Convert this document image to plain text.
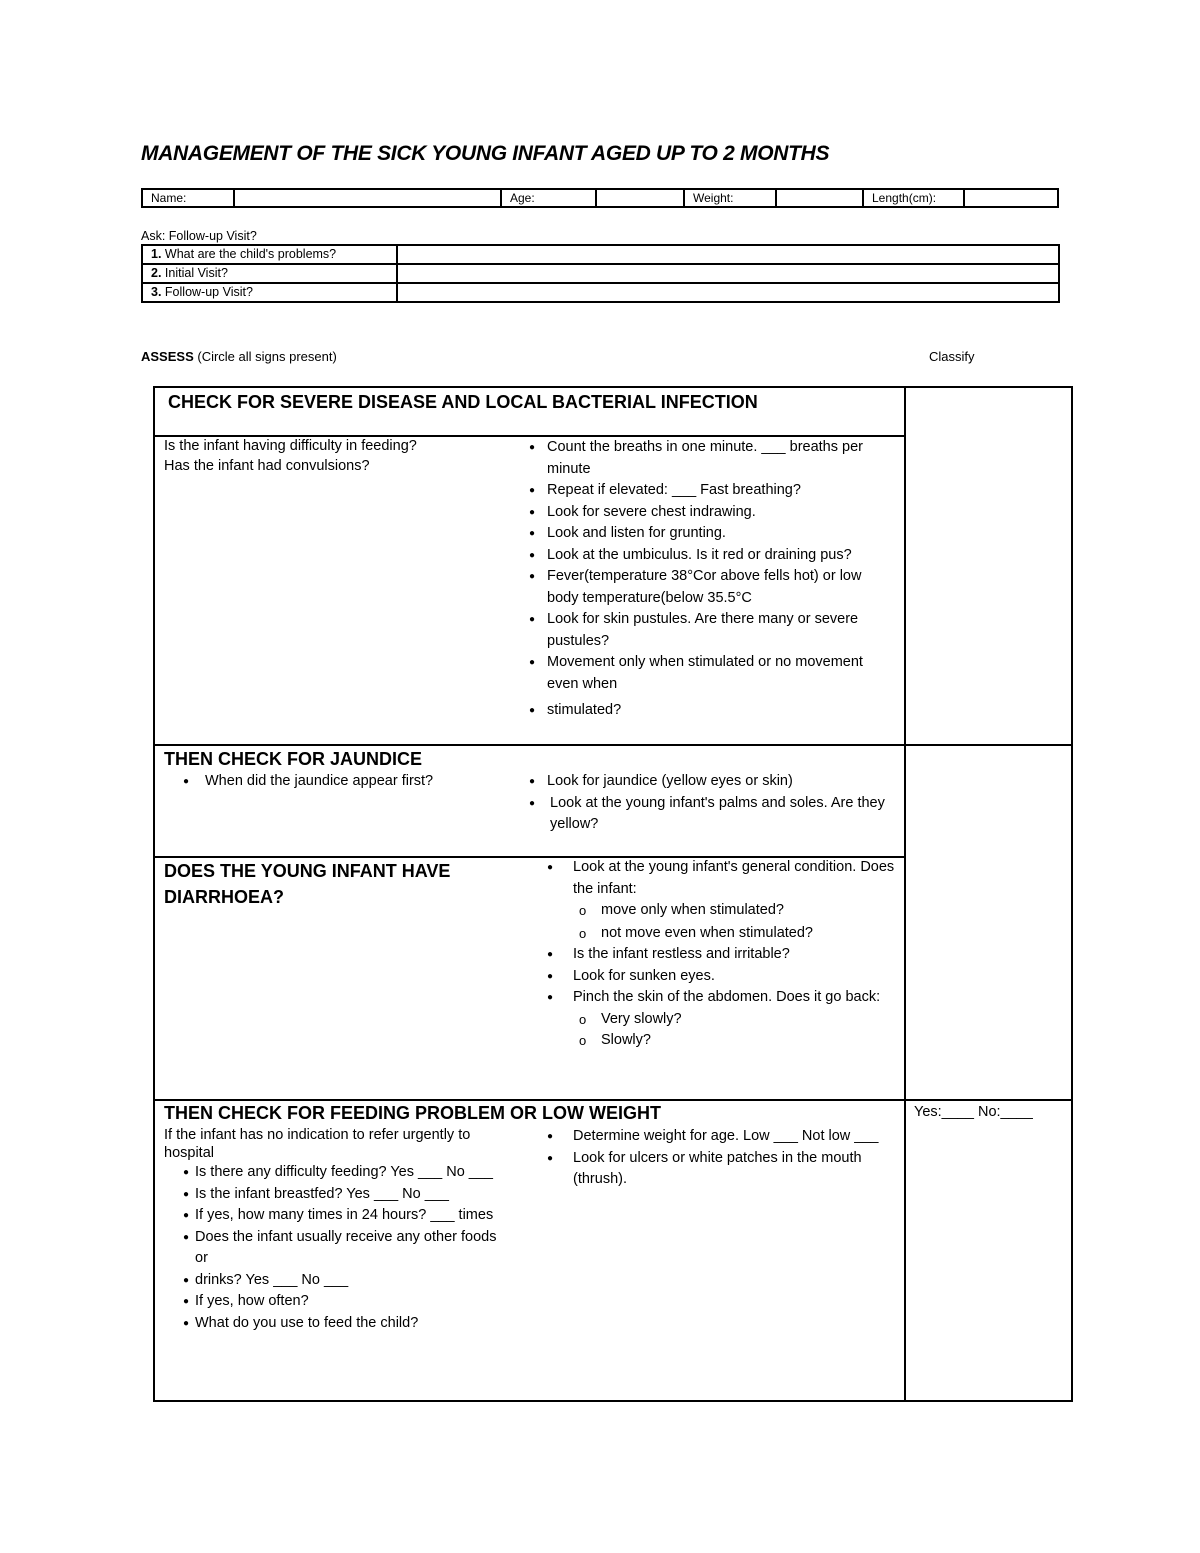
MANAGEMENT OF THE SICK YOUNG INFANT AGED UP TO 2 MONTHS
Name:		Age:		Weight:		Length(cm):	
Ask: Follow-up Visit?
1. What are the child's problems?	
2. Initial Visit?	
3. Follow-up Visit?	
ASSESS (Circle all signs present)	Classify
CHECK FOR SEVERE DISEASE AND LOCAL BACTERIAL INFECTION
Is the infant having difficulty in feeding?
Has the infant had convulsions?
● Count the breaths in one minute. ___ breaths per minute
● Repeat if elevated: ___ Fast breathing?
● Look for severe chest indrawing.
● Look and listen for grunting.
● Look at the umbiculus. Is it red or draining pus?
● Fever(temperature 38°Cor above fells hot) or low body temperature(below 35.5°C
● Look for skin pustules. Are there many or severe pustules?
● Movement only when stimulated or no movement even when
● stimulated?
THEN CHECK FOR JAUNDICE
● When did the jaundice appear first?
●	Look for jaundice (yellow eyes or skin)
● Look at the young infant's palms and soles. Are they yellow?
DOES THE YOUNG INFANT HAVE DIARRHOEA?
● Look at the young infant's general condition. Does the infant:
o move only when stimulated?
o not move even when stimulated?
● Is the infant restless and irritable?
● Look for sunken eyes.
● Pinch the skin of the abdomen. Does it go back:
o Very slowly?
o Slowly?
THEN CHECK FOR FEEDING PROBLEM OR LOW WEIGHT
If the infant has no indication to refer urgently to hospital
● Is there any difficulty feeding? Yes ___ No ___
● Is the infant breastfed? Yes ___ No ___
● If yes, how many times in 24 hours? ___ times
● Does the infant usually receive any other foods or
● drinks? Yes ___ No ___
● If yes, how often?
● What do you use to feed the child?
● Determine weight for age. Low ___ Not low ___
● Look for ulcers or white patches in the mouth (thrush).
Yes:____ No:____
